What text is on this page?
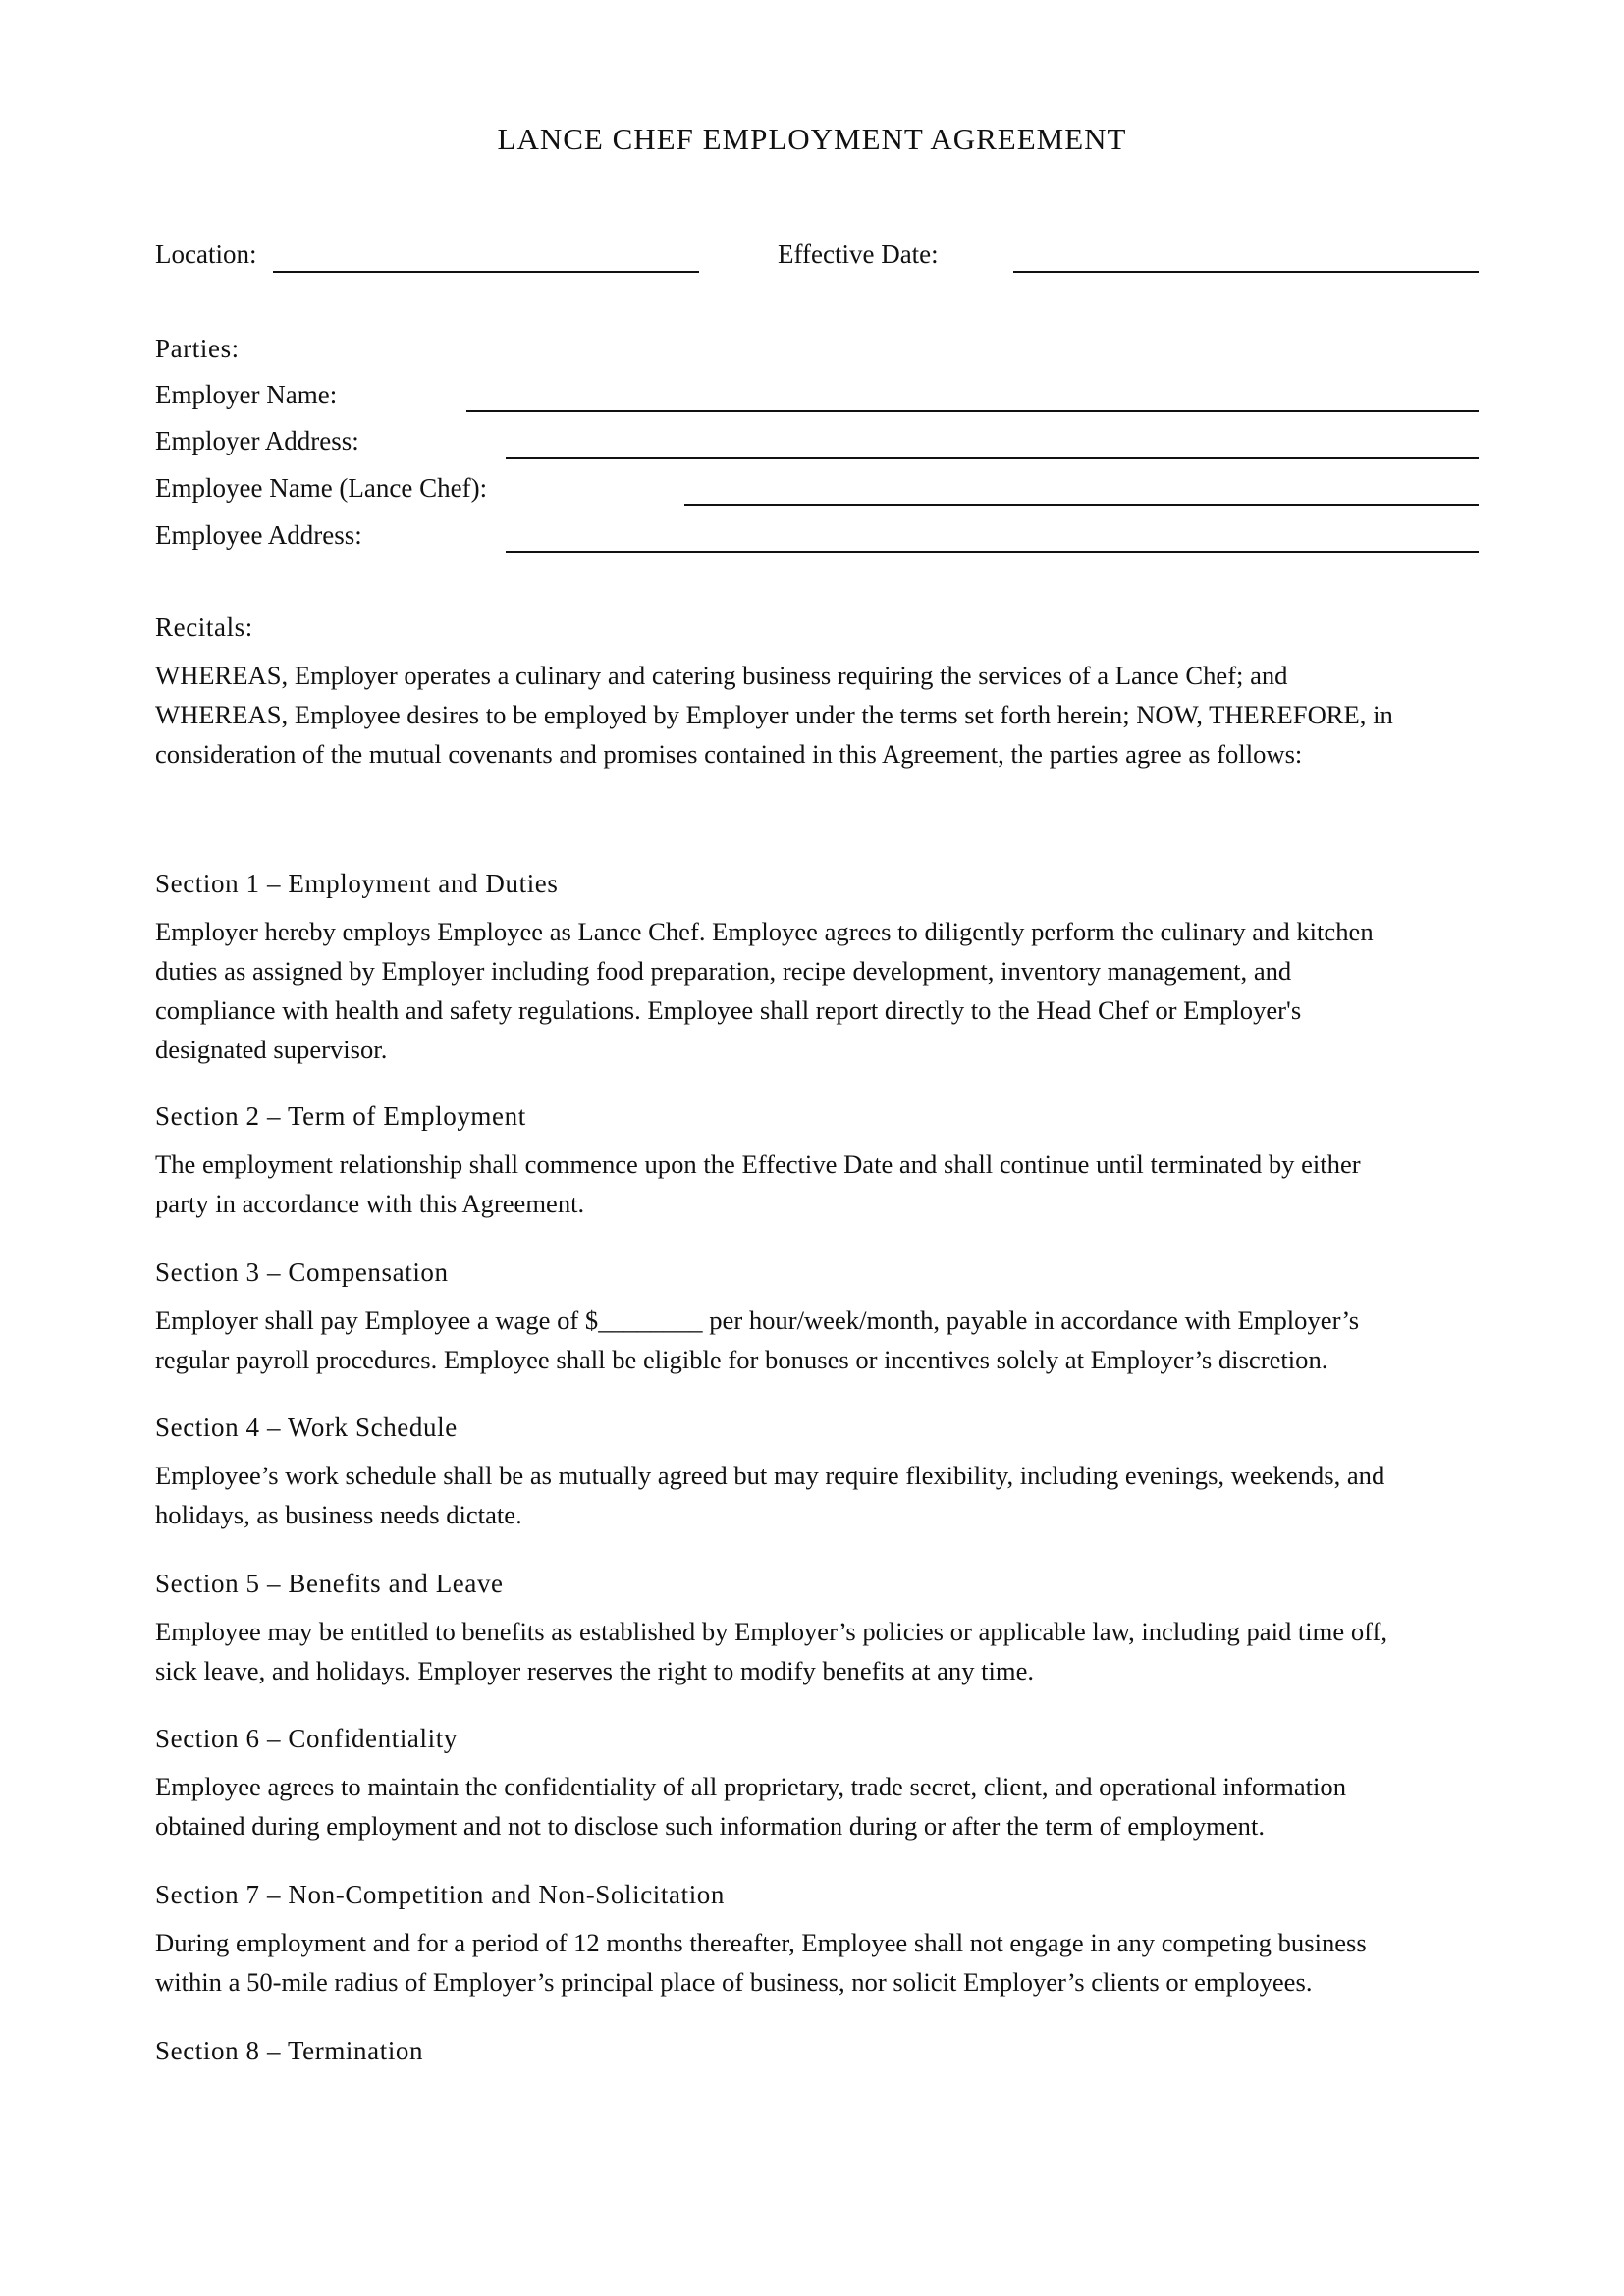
LANCE CHEF EMPLOYMENT AGREEMENT
Location:	Effective Date:
Parties:
Employer Name:
Employer Address:
Employee Name (Lance Chef):
Employee Address:
Recitals:
WHEREAS, Employer operates a culinary and catering business requiring the services of a Lance Chef; and
WHEREAS, Employee desires to be employed by Employer under the terms set forth herein; NOW, THEREFORE, in
consideration of the mutual covenants and promises contained in this Agreement, the parties agree as follows:
Section 1 – Employment and Duties
Employer hereby employs Employee as Lance Chef. Employee agrees to diligently perform the culinary and kitchen
duties as assigned by Employer including food preparation, recipe development, inventory management, and
compliance with health and safety regulations. Employee shall report directly to the Head Chef or Employer's
designated supervisor.
Section 2 – Term of Employment
The employment relationship shall commence upon the Effective Date and shall continue until terminated by either
party in accordance with this Agreement.
Section 3 – Compensation
Employer shall pay Employee a wage of $________ per hour/week/month, payable in accordance with Employer’s
regular payroll procedures. Employee shall be eligible for bonuses or incentives solely at Employer’s discretion.
Section 4 – Work Schedule
Employee’s work schedule shall be as mutually agreed but may require flexibility, including evenings, weekends, and
holidays, as business needs dictate.
Section 5 – Benefits and Leave
Employee may be entitled to benefits as established by Employer’s policies or applicable law, including paid time off,
sick leave, and holidays. Employer reserves the right to modify benefits at any time.
Section 6 – Confidentiality
Employee agrees to maintain the confidentiality of all proprietary, trade secret, client, and operational information
obtained during employment and not to disclose such information during or after the term of employment.
Section 7 – Non-Competition and Non-Solicitation
During employment and for a period of 12 months thereafter, Employee shall not engage in any competing business
within a 50-mile radius of Employer’s principal place of business, nor solicit Employer’s clients or employees.
Section 8 – Termination
